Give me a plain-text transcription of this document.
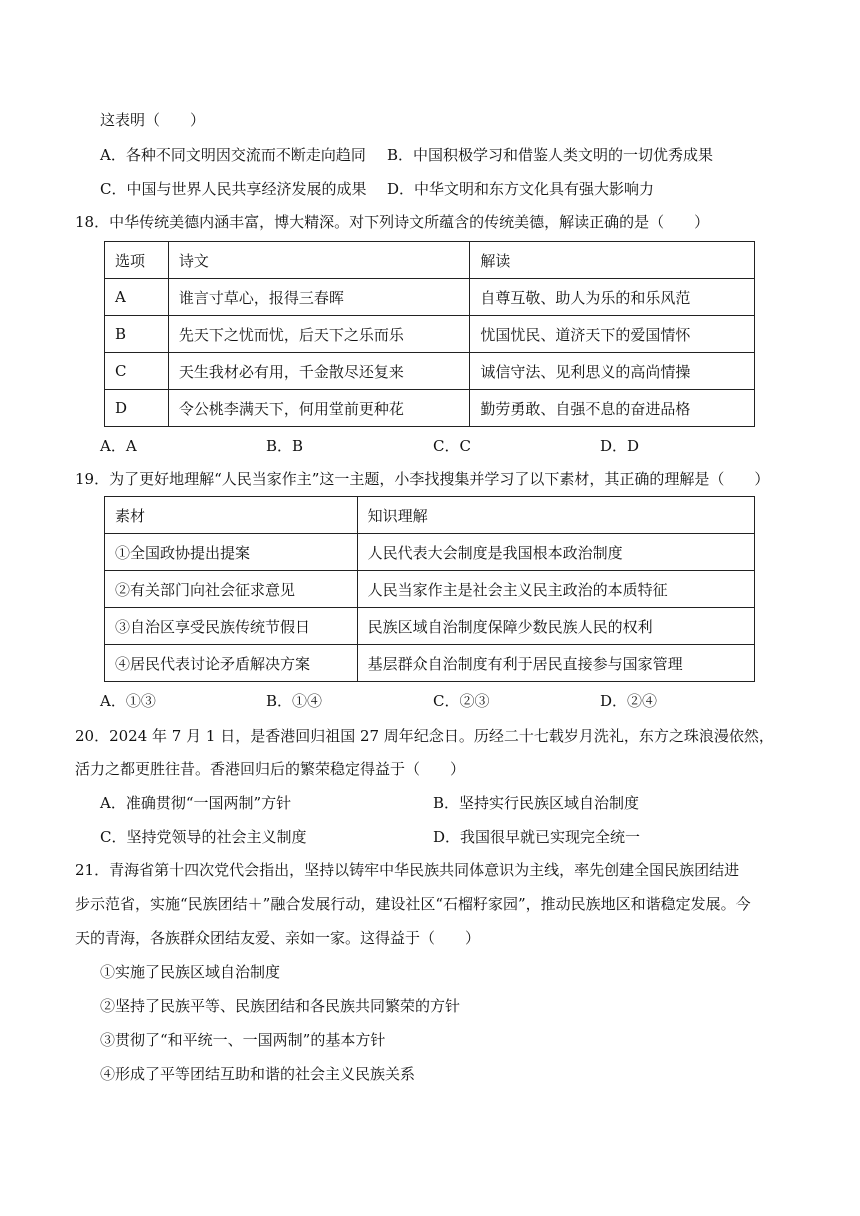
这表明（　　）
A．各种不同文明因交流而不断走向趋同 B．中国积极学习和借鉴人类文明的一切优秀成果
C．中国与世界人民共享经济发展的成果 D．中华文明和东方文化具有强大影响力
18．中华传统美德内涵丰富，博大精深。对下列诗文所蕴含的传统美德，解读正确的是（　　）
选项	诗文	解读
A	谁言寸草心，报得三春晖	自尊互敬、助人为乐的和乐风范
B	先天下之忧而忧，后天下之乐而乐	忧国忧民、道济天下的爱国情怀
C	天生我材必有用，千金散尽还复来	诚信守法、见利思义的高尚情操
D	令公桃李满天下，何用堂前更种花	勤劳勇敢、自强不息的奋进品格
A．A	B．B	C．C	D．D
19．为了更好地理解“人民当家作主”这一主题，小李找搜集并学习了以下素材，其正确的理解是（　　）
素材	知识理解
①全国政协提出提案	人民代表大会制度是我国根本政治制度
②有关部门向社会征求意见	人民当家作主是社会主义民主政治的本质特征
③自治区享受民族传统节假日	民族区域自治制度保障少数民族人民的权利
④居民代表讨论矛盾解决方案	基层群众自治制度有利于居民直接参与国家管理
A．①③	B．①④	C．②③	D．②④
20．2024 年 7 月 1 日，是香港回归祖国 27 周年纪念日。历经二十七载岁月洗礼，东方之珠浪漫依然，
活力之都更胜往昔。香港回归后的繁荣稳定得益于（　　）
A．准确贯彻“一国两制”方针	B．坚持实行民族区域自治制度
C．坚持党领导的社会主义制度	D．我国很早就已实现完全统一
21．青海省第十四次党代会指出，坚持以铸牢中华民族共同体意识为主线，率先创建全国民族团结进
步示范省，实施“民族团结＋”融合发展行动，建设社区“石榴籽家园”，推动民族地区和谐稳定发展。今
天的青海，各族群众团结友爱、亲如一家。这得益于（　　）
①实施了民族区域自治制度
②坚持了民族平等、民族团结和各民族共同繁荣的方针
③贯彻了“和平统一、一国两制”的基本方针
④形成了平等团结互助和谐的社会主义民族关系
